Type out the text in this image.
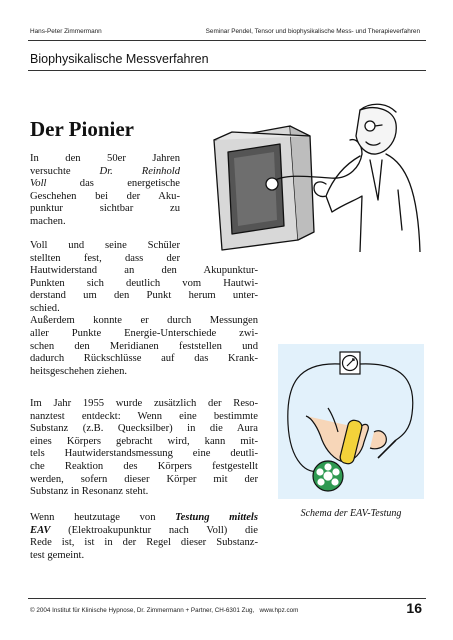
Hans-Peter Zimmermann	Seminar Pendel, Tensor und biophysikalische Mess- und Therapieverfahren
Biophysikalische Messverfahren
Der Pionier
In den 50er Jahren
versuchte	Dr. Reinhold
Voll	das energetische
Geschehen bei der Aku-
punktur sichtbar zu
machen.
Voll und seine Schüler
stellten fest, dass der
Hautwiderstand an den Akupunktur-
Punkten sich deutlich vom Hautwi-
derstand um den Punkt herum unter-
schied.
Außerdem konnte er durch Messungen
aller Punkte Energie-Unterschiede zwi-
schen den Meridianen feststellen und
dadurch Rückschlüsse auf das Krank-
heitsgeschehen ziehen.
Im Jahr 1955 wurde zusätzlich der Reso-
nanztest entdeckt: Wenn eine bestimmte
Substanz (z.B. Quecksilber) in die Aura
eines Körpers gebracht wird, kann mit-
tels Hautwiderstandsmessung eine deutli-
che Reaktion des Körpers festgestellt
werden, sofern dieser Körper mit der
Substanz in Resonanz steht.
Wenn heutzutage von Testung mittels
EAV (Elektroakupunktur nach Voll) die
Rede ist, ist in der Regel dieser Substanz-
test gemeint.
Schema der EAV-Testung
© 2004 Institut für Klinische Hypnose, Dr. Zimmermann + Partner, CH-6301 Zug, www.hpz.com	16
